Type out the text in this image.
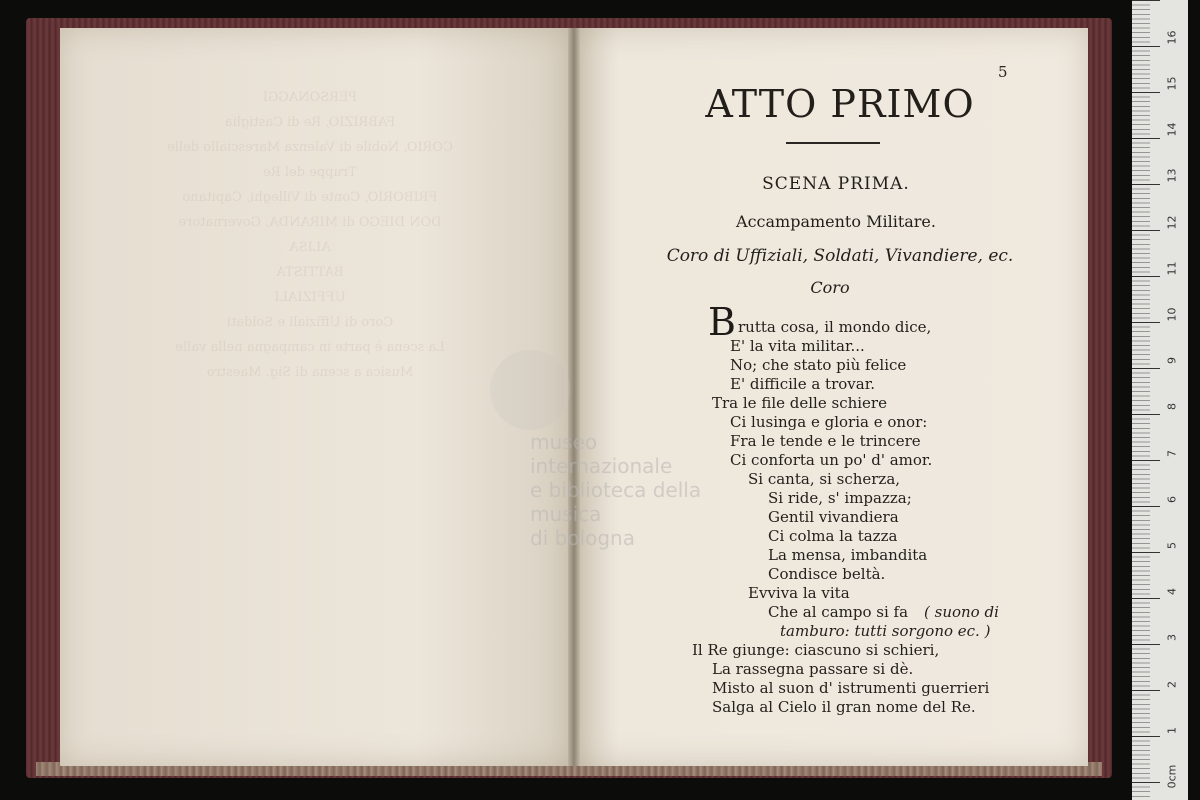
PERSONAGGI
FABRIZIO, Re di Castiglia
CORIO, Nobile di Valenza Maresciallo delle
Truppe del Re
FRIBORIO, Conte di Villeghi, Capitano
DON DIEGO di MIRANDA, Governatore
ALISA
BATTISTA
UFFIZIALI
Coro di Uffiziali e Soldati
La scena è parte in campagna nella valle
Musica a scena di Sig. Maestro
museo internazionale
e biblioteca della musica
di bologna
5
ATTO PRIMO
SCENA PRIMA.
Accampamento Militare.
Coro di Uffiziali, Soldati, Vivandiere, ec.
Coro
B rutta cosa, il mondo dice,
E' la vita militar...
No; che stato più felice
E' difficile a trovar.
Tra le file delle schiere
Ci lusinga e gloria e onor:
Fra le tende e le trincere
Ci conforta un po' d' amor.
Si canta, si scherza,
Si ride, s' impazza;
Gentil vivandiera
Ci colma la tazza
La mensa, imbandita
Condisce beltà.
Evviva la vita
Che al campo si fa ( suono di
tamburo: tutti sorgono ec. )
Il Re giunge: ciascuno si schieri,
La rassegna passare si dè.
Misto al suon d' istrumenti guerrieri
Salga al Cielo il gran nome del Re.
0cm
1
2
3
4
5
6
7
8
9
10
11
12
13
14
15
16
